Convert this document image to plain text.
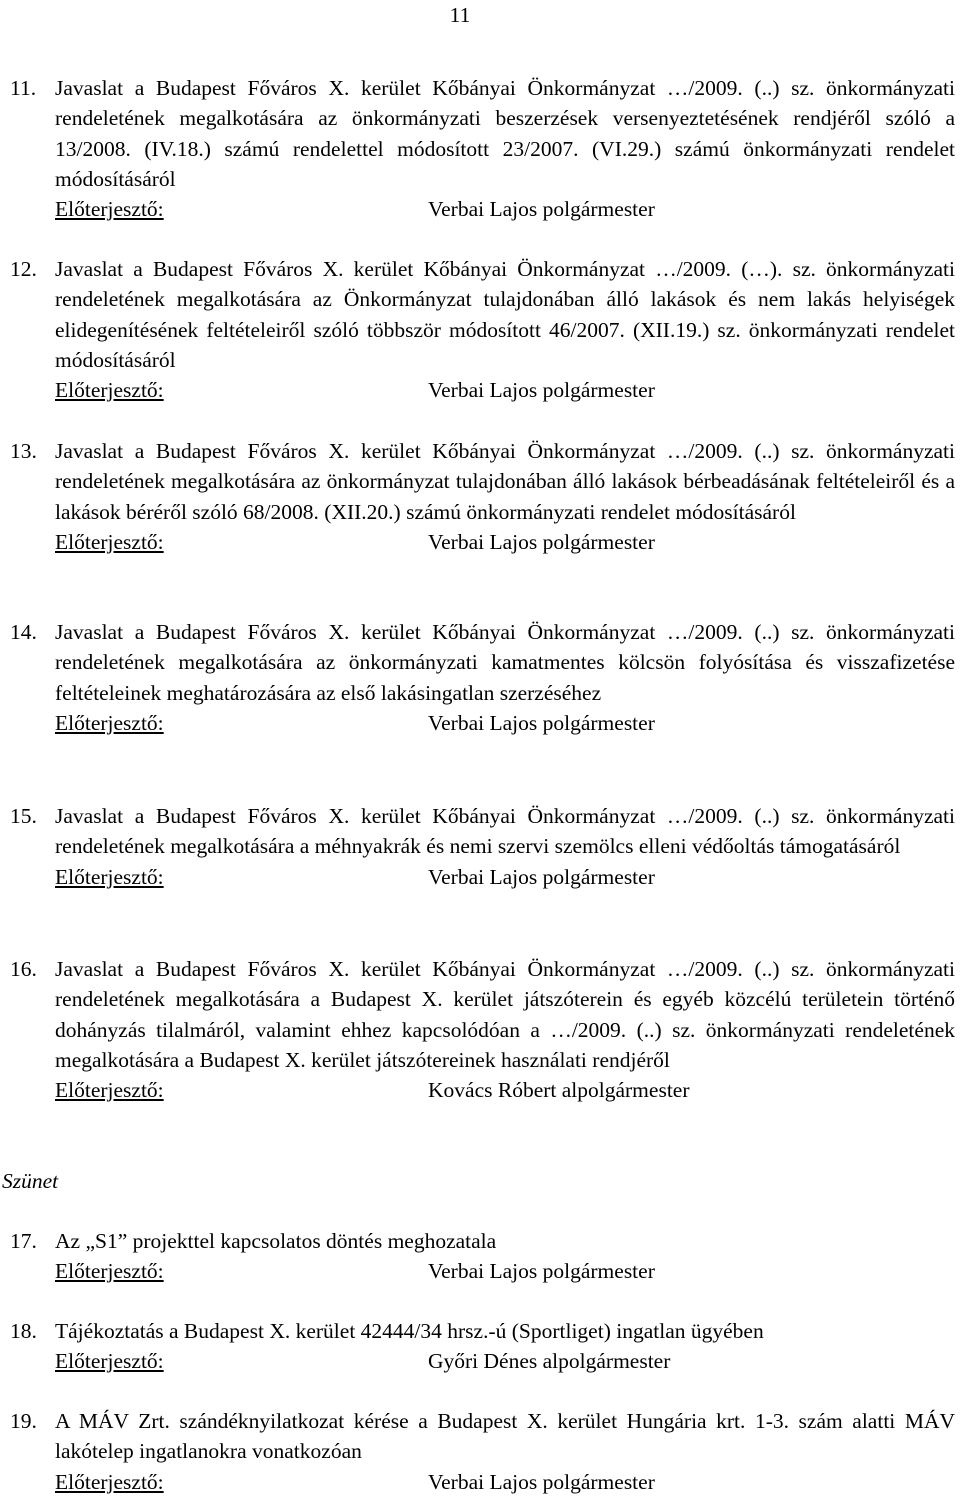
11
11. Javaslat a Budapest Főváros X. kerület Kőbányai Önkormányzat …/2009. (..) sz. önkormányzati rendeletének megalkotására az önkormányzati beszerzések versenyeztetésének rendjéről szóló a 13/2008. (IV.18.) számú rendelettel módosított 23/2007. (VI.29.) számú önkormányzati rendelet módosításáról
Előterjesztő:	Verbai Lajos polgármester
12. Javaslat a Budapest Főváros X. kerület Kőbányai Önkormányzat …/2009. (…). sz. önkormányzati rendeletének megalkotására az Önkormányzat tulajdonában álló lakások és nem lakás helyiségek elidegenítésének feltételeiről szóló többször módosított 46/2007. (XII.19.) sz. önkormányzati rendelet módosításáról
Előterjesztő:	Verbai Lajos polgármester
13. Javaslat a Budapest Főváros X. kerület Kőbányai Önkormányzat …/2009. (..) sz. önkormányzati rendeletének megalkotására az önkormányzat tulajdonában álló lakások bérbeadásának feltételeiről és a lakások béréről szóló 68/2008. (XII.20.) számú önkormányzati rendelet módosításáról
Előterjesztő:	Verbai Lajos polgármester
14. Javaslat a Budapest Főváros X. kerület Kőbányai Önkormányzat …/2009. (..) sz. önkormányzati rendeletének megalkotására az önkormányzati kamatmentes kölcsön folyósítása és visszafizetése feltételeinek meghatározására az első lakásingatlan szerzéséhez
Előterjesztő:	Verbai Lajos polgármester
15. Javaslat a Budapest Főváros X. kerület Kőbányai Önkormányzat …/2009. (..) sz. önkormányzati rendeletének megalkotására a méhnyakrák és nemi szervi szemölcs elleni védőoltás támogatásáról
Előterjesztő:	Verbai Lajos polgármester
16. Javaslat a Budapest Főváros X. kerület Kőbányai Önkormányzat …/2009. (..) sz. önkormányzati rendeletének megalkotására a Budapest X. kerület játszóterein és egyéb közcélú területein történő dohányzás tilalmáról, valamint ehhez kapcsolódóan a …/2009. (..) sz. önkormányzati rendeletének megalkotására a Budapest X. kerület játszótereinek használati rendjéről
Előterjesztő:	Kovács Róbert alpolgármester
Szünet
17. Az „S1” projekttel kapcsolatos döntés meghozatala
Előterjesztő:	Verbai Lajos polgármester
18. Tájékoztatás a Budapest X. kerület 42444/34 hrsz.-ú (Sportliget) ingatlan ügyében
Előterjesztő:	Győri Dénes alpolgármester
19. A MÁV Zrt. szándéknyilatkozat kérése a Budapest X. kerület Hungária krt. 1-3. szám alatti MÁV lakótelep ingatlanokra vonatkozóan
Előterjesztő:	Verbai Lajos polgármester
